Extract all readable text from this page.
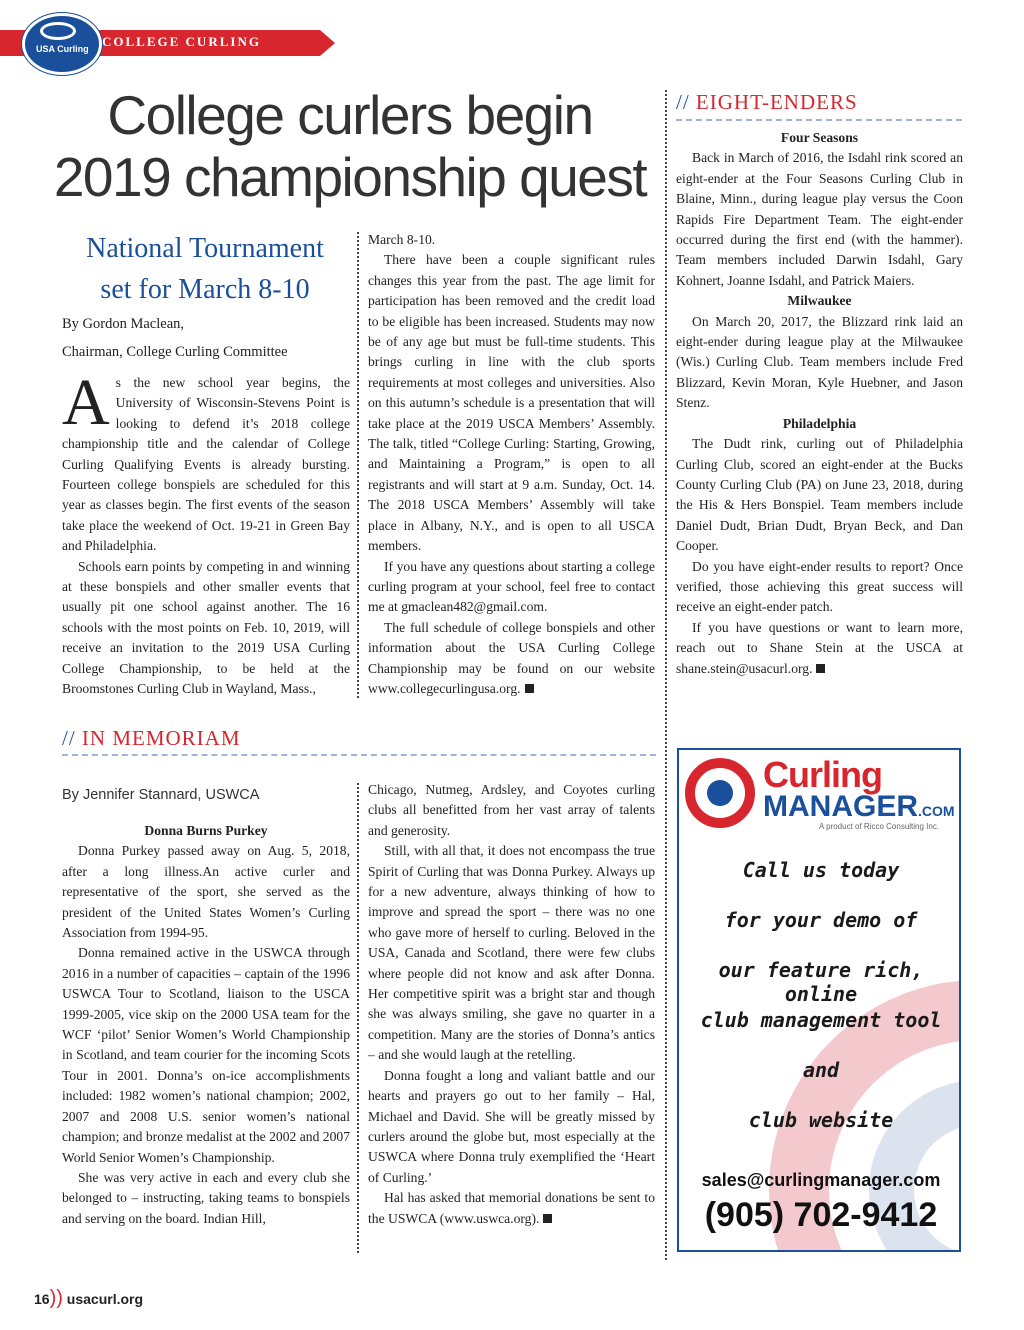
COLLEGE CURLING
USA Curling
College curlers begin
2019 championship quest
National Tournament
set for March 8-10
By Gordon Maclean,
Chairman, College Curling Committee

As the new school year begins, the University of Wisconsin-Stevens Point is looking to defend it’s 2018 college championship title and the calendar of College Curling Qualifying Events is already bursting. Fourteen college bonspiels are scheduled for this year as classes begin. The first events of the season take place the weekend of Oct. 19-21 in Green Bay and Philadelphia.

Schools earn points by competing in and winning at these bonspiels and other smaller events that usually pit one school against another. The 16 schools with the most points on Feb. 10, 2019, will receive an invitation to the 2019 USA Curling College Championship, to be held at the Broomstones Curling Club in Wayland, Mass.,

March 8-10.

There have been a couple significant rules changes this year from the past. The age limit for participation has been removed and the credit load to be eligible has been increased. Students may now be of any age but must be full-time students. This brings curling in line with the club sports requirements at most colleges and universities. Also on this autumn’s schedule is a presentation that will take place at the 2019 USCA Members’ Assembly. The talk, titled “College Curling: Starting, Growing, and Maintaining a Program,” is open to all registrants and will start at 9 a.m. Sunday, Oct. 14. The 2018 USCA Members’ Assembly will take place in Albany, N.Y., and is open to all USCA members.

If you have any questions about starting a college curling program at your school, feel free to contact me at gmaclean482@gmail.com.

The full schedule of college bonspiels and other information about the USA Curling College Championship may be found on our website www.collegecurlingusa.org.

// EIGHT-ENDERS

Four Seasons

Back in March of 2016, the Isdahl rink scored an eight-ender at the Four Seasons Curling Club in Blaine, Minn., during league play versus the Coon Rapids Fire Department Team. The eight-ender occurred during the first end (with the hammer). Team members included Darwin Isdahl, Gary Kohnert, Joanne Isdahl, and Patrick Maiers.

Milwaukee

On March 20, 2017, the Blizzard rink laid an eight-ender during league play at the Milwaukee (Wis.) Curling Club. Team members include Fred Blizzard, Kevin Moran, Kyle Huebner, and Jason Stenz.

Philadelphia

The Dudt rink, curling out of Philadelphia Curling Club, scored an eight-ender at the Bucks County Curling Club (PA) on June 23, 2018, during the His & Hers Bonspiel. Team members include Daniel Dudt, Brian Dudt, Bryan Beck, and Dan Cooper.

Do you have eight-ender results to report? Once verified, those achieving this great success will receive an eight-ender patch.

If you have questions or want to learn more, reach out to Shane Stein at the USCA at shane.stein@usacurl.org.

// IN MEMORIAM
By Jennifer Stannard, USWCA

Donna Burns Purkey

Donna Purkey passed away on Aug. 5, 2018, after a long illness.An active curler and representative of the sport, she served as the president of the United States Women’s Curling Association from 1994-95.

Donna remained active in the USWCA through 2016 in a number of capacities – captain of the 1996 USWCA Tour to Scotland, liaison to the USCA 1999-2005, vice skip on the 2000 USA team for the WCF ‘pilot’ Senior Women’s World Championship in Scotland, and team courier for the incoming Scots Tour in 2001. Donna’s on-ice accomplishments included: 1982 women’s national champion; 2002, 2007 and 2008 U.S. senior women’s national champion; and bronze medalist at the 2002 and 2007 World Senior Women’s Championship.

She was very active in each and every club she belonged to – instructing, taking teams to bonspiels and serving on the board. Indian Hill,

Chicago, Nutmeg, Ardsley, and Coyotes curling clubs all benefitted from her vast array of talents and generosity.

Still, with all that, it does not encompass the true Spirit of Curling that was Donna Purkey. Always up for a new adventure, always thinking of how to improve and spread the sport – there was no one who gave more of herself to curling. Beloved in the USA, Canada and Scotland, there were few clubs where people did not know and ask after Donna. Her competitive spirit was a bright star and though she was always smiling, she gave no quarter in a competition. Many are the stories of Donna’s antics – and she would laugh at the retelling.

Donna fought a long and valiant battle and our hearts and prayers go out to her family – Hal, Michael and David. She will be greatly missed by curlers around the globe but, most especially at the USWCA where Donna truly exemplified the ‘Heart of Curling.’

Hal has asked that memorial donations be sent to the USWCA (www.uswca.org).

Curling
MANAGER.COM
A product of Ricco Consulting Inc.
Call us today
for your demo of
our feature rich, online
club management tool
and
club website
sales@curlingmanager.com
(905) 702-9412
16)) usacurl.org
